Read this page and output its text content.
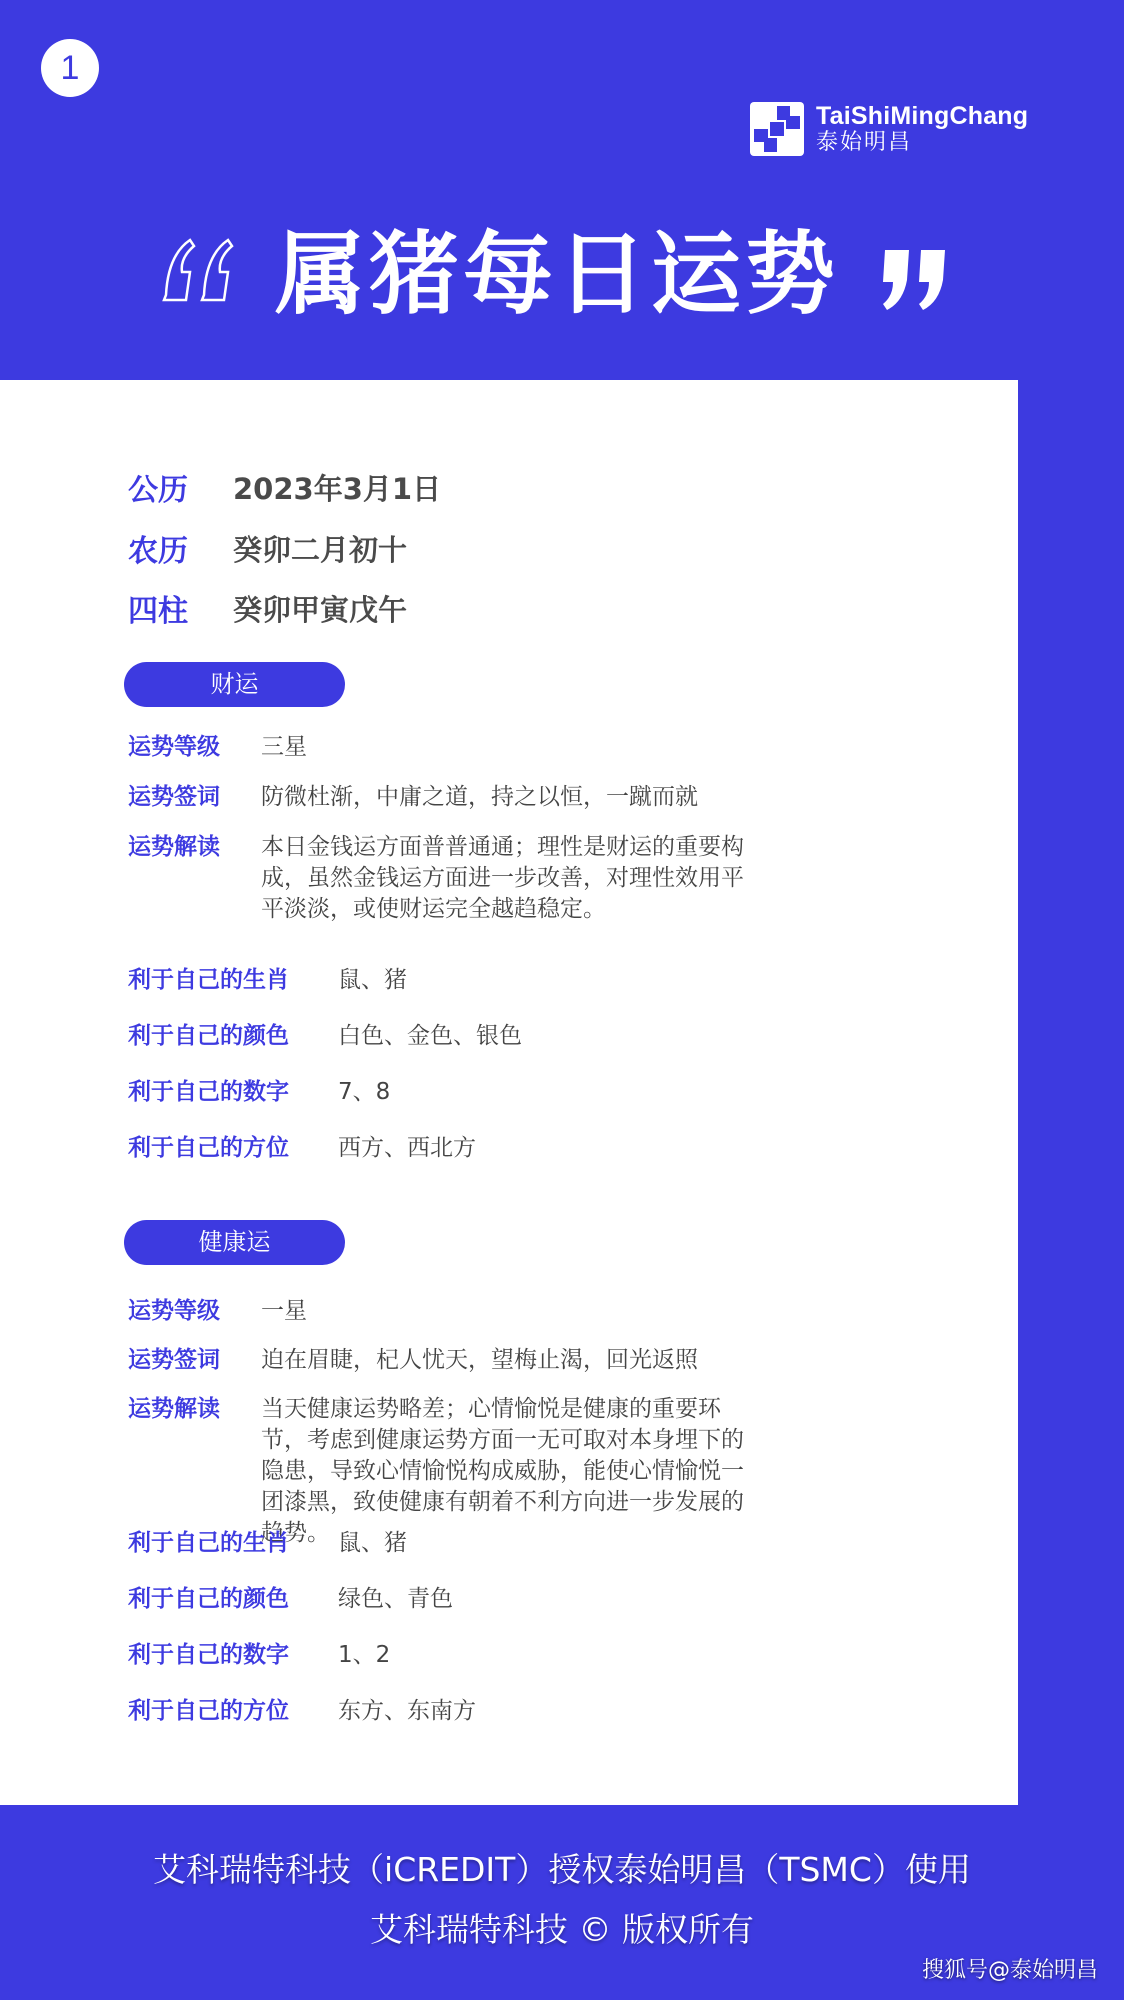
1
TaiShiMingChang
泰始明昌
属猪每日运势
公历	2023年3月1日
农历	癸卯二月初十
四柱	癸卯甲寅戊午
财运
运势等级	三星
运势签词	防微杜渐，中庸之道，持之以恒，一蹴而就
运势解读	本日金钱运方面普普通通；理性是财运的重要构成，虽然金钱运方面进一步改善，对理性效用平平淡淡，或使财运完全越趋稳定。
利于自己的生肖	鼠、猪
利于自己的颜色	白色、金色、银色
利于自己的数字	7、8
利于自己的方位	西方、西北方
健康运
运势等级	一星
运势签词	迫在眉睫，杞人忧天，望梅止渴，回光返照
运势解读	当天健康运势略差；心情愉悦是健康的重要环节，考虑到健康运势方面一无可取对本身埋下的隐患，导致心情愉悦构成威胁，能使心情愉悦一团漆黑，致使健康有朝着不利方向进一步发展的趋势。
利于自己的生肖	鼠、猪
利于自己的颜色	绿色、青色
利于自己的数字	1、2
利于自己的方位	东方、东南方
艾科瑞特科技（iCREDIT）授权泰始明昌（TSMC）使用
艾科瑞特科技 © 版权所有
搜狐号@泰始明昌
